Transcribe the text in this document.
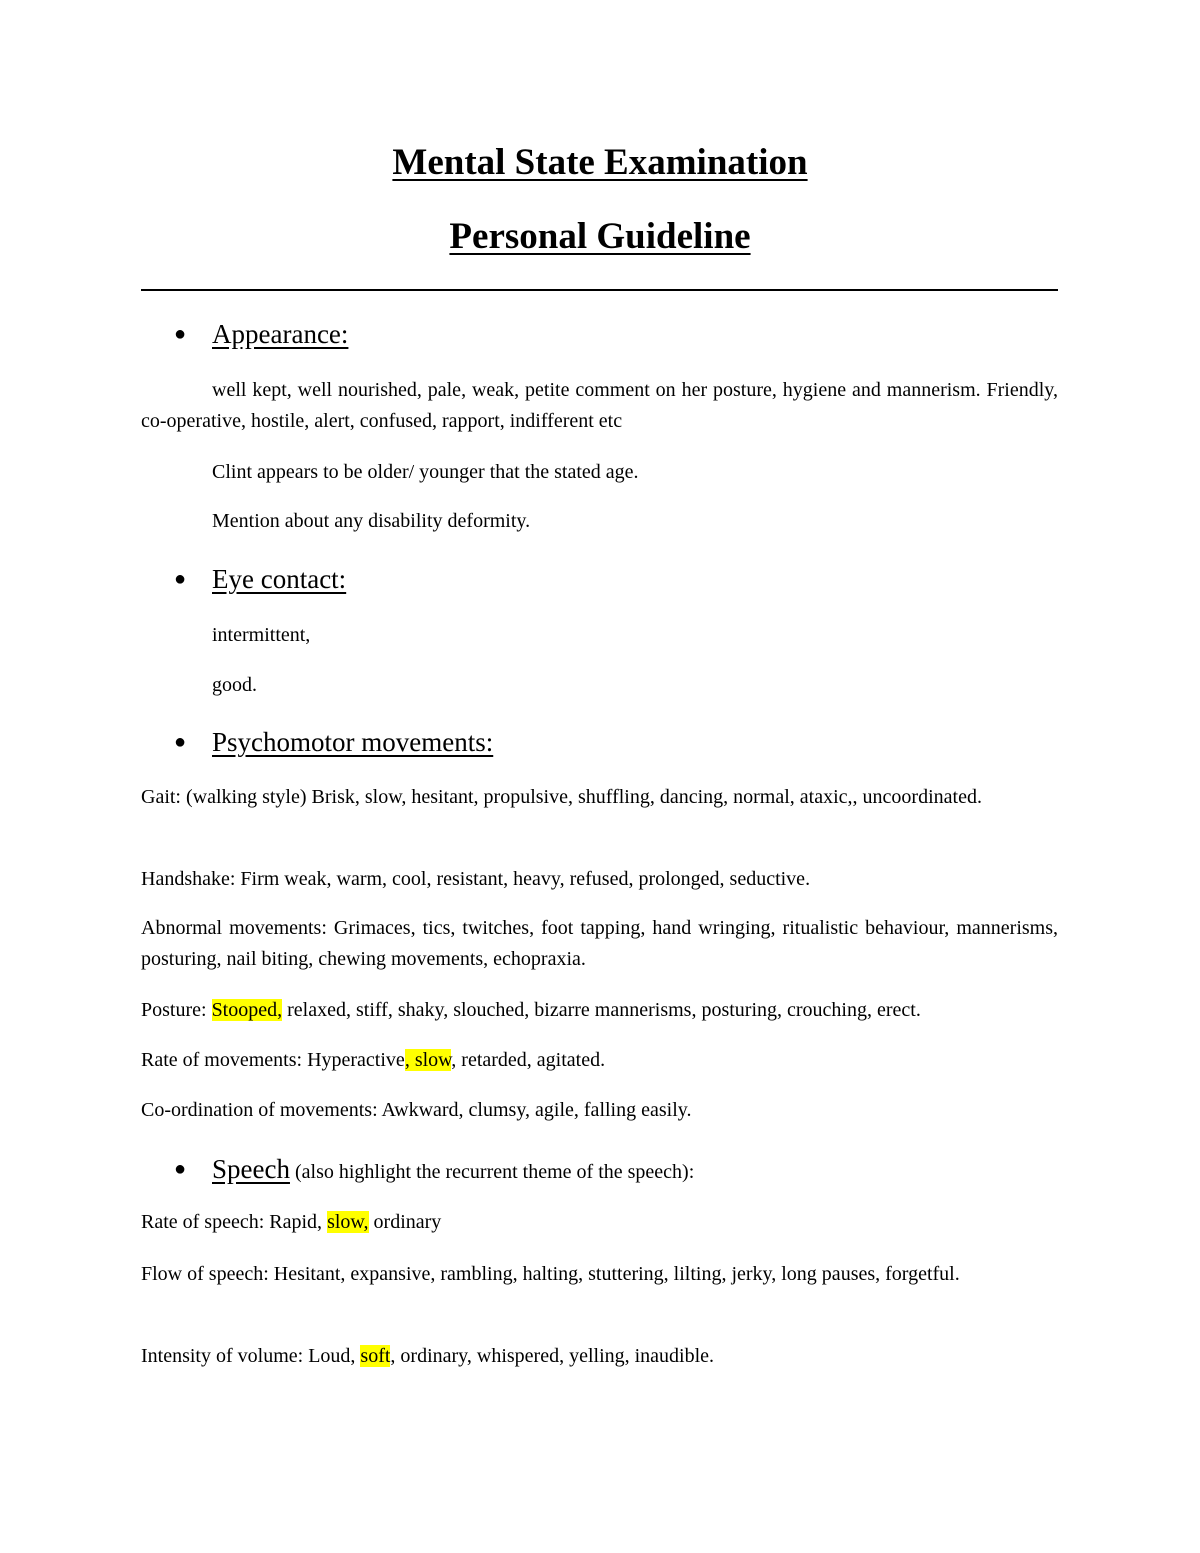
Mental State Examination
Personal Guideline
● Appearance:
well kept, well nourished, pale, weak, petite comment on her posture, hygiene and mannerism. Friendly, co-operative, hostile, alert, confused, rapport, indifferent etc
Clint appears to be older/ younger that the stated age.
Mention about any disability deformity.
● Eye contact:
intermittent,
good.
● Psychomotor movements:
Gait: (walking style) Brisk, slow, hesitant, propulsive, shuffling, dancing, normal, ataxic,, uncoordinated.
Handshake: Firm weak, warm, cool, resistant, heavy, refused, prolonged, seductive.
Abnormal movements: Grimaces, tics, twitches, foot tapping, hand wringing, ritualistic behaviour, mannerisms, posturing, nail biting, chewing movements, echopraxia.
Posture: Stooped, relaxed, stiff, shaky, slouched, bizarre mannerisms, posturing, crouching, erect.
Rate of movements: Hyperactive, slow, retarded, agitated.
Co-ordination of movements: Awkward, clumsy, agile, falling easily.
● Speech (also highlight the recurrent theme of the speech):
Rate of speech: Rapid, slow, ordinary
Flow of speech: Hesitant, expansive, rambling, halting, stuttering, lilting, jerky, long pauses, forgetful.
Intensity of volume: Loud, soft, ordinary, whispered, yelling, inaudible.
